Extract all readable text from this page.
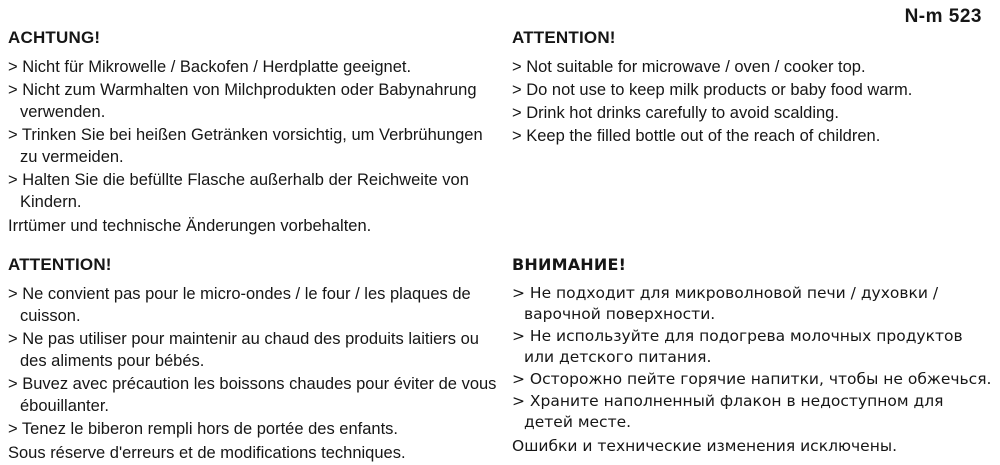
N-m 523
ACHTUNG!
> Nicht für Mikrowelle / Backofen / Herdplatte geeignet.
> Nicht zum Warmhalten von Milchprodukten oder Babynahrung verwenden.
> Trinken Sie bei heißen Getränken vorsichtig, um Verbrühungen zu vermeiden.
> Halten Sie die befüllte Flasche außerhalb der Reichweite von Kindern.
Irrtümer und technische Änderungen vorbehalten.
ATTENTION!
> Not suitable for microwave / oven / cooker top.
> Do not use to keep milk products or baby food warm.
> Drink hot drinks carefully to avoid scalding.
> Keep the filled bottle out of the reach of children.
ATTENTION!
> Ne convient pas pour le micro-ondes / le four / les plaques de cuisson.
> Ne pas utiliser pour maintenir au chaud des produits laitiers ou des aliments pour bébés.
> Buvez avec précaution les boissons chaudes pour éviter de vous ébouillanter.
> Tenez le biberon rempli hors de portée des enfants.
Sous réserve d'erreurs et de modifications techniques.
ВНИМАНИЕ!
> Не подходит для микроволновой печи / духовки / варочной поверхности.
> Не используйте для подогрева молочных продуктов или детского питания.
> Осторожно пейте горячие напитки, чтобы не обжечься.
> Храните наполненный флакон в недоступном для детей месте.
Ошибки и технические изменения исключены.
